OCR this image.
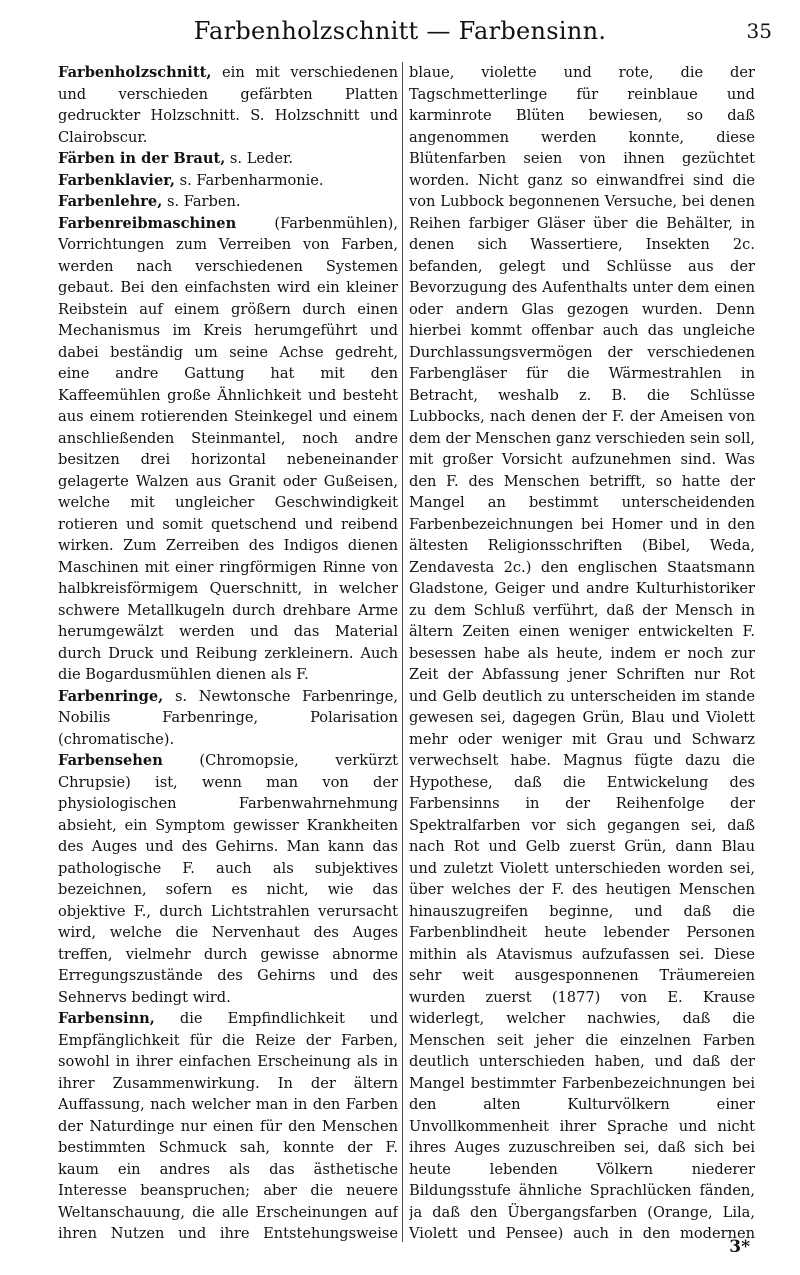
Farbenholzschnitt — Farbensinn.	35

Farbenholzschnitt, ein mit verschiedenen und verschieden gefärbten Platten gedruckter Holzschnitt. S. Holzschnitt und Clairobscur.

Färben in der Braut, s. Leder.

Farbenklavier, s. Farbenharmonie.

Farbenlehre, s. Farben.

Farbenreibmaschinen (Farbenmühlen), Vorrichtungen zum Verreiben von Farben, werden nach verschiedenen Systemen gebaut. Bei den einfachsten wird ein kleiner Reibstein auf einem größern durch einen Mechanismus im Kreis herumgeführt und dabei beständig um seine Achse gedreht, eine andre Gattung hat mit den Kaffeemühlen große Ähnlichkeit und besteht aus einem rotierenden Steinkegel und einem anschließenden Steinmantel, noch andre besitzen drei horizontal nebeneinander gelagerte Walzen aus Granit oder Gußeisen, welche mit ungleicher Geschwindigkeit rotieren und somit quetschend und reibend wirken. Zum Zerreiben des Indigos dienen Maschinen mit einer ringförmigen Rinne von halbkreisförmigem Querschnitt, in welcher schwere Metallkugeln durch drehbare Arme herumgewälzt werden und das Material durch Druck und Reibung zerkleinern. Auch die Bogardusmühlen dienen als F.

Farbenringe, s. Newtonsche Farbenringe, Nobilis Farbenringe, Polarisation (chromatische).

Farbensehen (Chromopsie, verkürzt Chrupsie) ist, wenn man von der physiologischen Farbenwahrnehmung absieht, ein Symptom gewisser Krankheiten des Auges und des Gehirns. Man kann das pathologische F. auch als subjektives bezeichnen, sofern es nicht, wie das objektive F., durch Lichtstrahlen verursacht wird, welche die Nervenhaut des Auges treffen, vielmehr durch gewisse abnorme Erregungszustände des Gehirns und des Sehnervs bedingt wird.

Farbensinn, die Empfindlichkeit und Empfänglichkeit für die Reize der Farben, sowohl in ihrer einfachen Erscheinung als in ihrer Zusammenwirkung. In der ältern Auffassung, nach welcher man in den Farben der Naturdinge nur einen für den Menschen bestimmten Schmuck sah, konnte der F. kaum ein andres als das ästhetische Interesse beanspruchen; aber die neuere Weltanschauung, die alle Erscheinungen auf ihren Nutzen und ihre Entstehungsweise

blaue, violette und rote, die der Tagschmetterlinge für reinblaue und karminrote Blüten bewiesen, so daß angenommen werden konnte, diese Blütenfarben seien von ihnen gezüchtet worden. Nicht ganz so einwandfrei sind die von Lubbock begonnenen Versuche, bei denen Reihen farbiger Gläser über die Behälter, in denen sich Wassertiere, Insekten 2c. befanden, gelegt und Schlüsse aus der Bevorzugung des Aufenthalts unter dem einen oder andern Glas gezogen wurden. Denn hierbei kommt offenbar auch das ungleiche Durchlassungsvermögen der verschiedenen Farbengläser für die Wärmestrahlen in Betracht, weshalb z. B. die Schlüsse Lubbocks, nach denen der F. der Ameisen von dem der Menschen ganz verschieden sein soll, mit großer Vorsicht aufzunehmen sind. Was den F. des Menschen betrifft, so hatte der Mangel an bestimmt unterscheidenden Farbenbezeichnungen bei Homer und in den ältesten Religionsschriften (Bibel, Weda, Zendavesta 2c.) den englischen Staatsmann Gladstone, Geiger und andre Kulturhistoriker zu dem Schluß verführt, daß der Mensch in ältern Zeiten einen weniger entwickelten F. besessen habe als heute, indem er noch zur Zeit der Abfassung jener Schriften nur Rot und Gelb deutlich zu unterscheiden im stande gewesen sei, dagegen Grün, Blau und Violett mehr oder weniger mit Grau und Schwarz verwechselt habe. Magnus fügte dazu die Hypothese, daß die Entwickelung des Farbensinns in der Reihenfolge der Spektralfarben vor sich gegangen sei, daß nach Rot und Gelb zuerst Grün, dann Blau und zuletzt Violett unterschieden worden sei, über welches der F. des heutigen Menschen hinauszugreifen beginne, und daß die Farbenblindheit heute lebender Personen mithin als Atavismus aufzufassen sei. Diese sehr weit ausgesponnenen Träumereien wurden zuerst (1877) von E. Krause widerlegt, welcher nachwies, daß die Menschen seit jeher die einzelnen Farben deutlich unterschieden haben, und daß der Mangel bestimmter Farbenbezeichnungen bei den alten Kulturvölkern einer Unvollkommenheit ihrer Sprache und nicht ihres Auges zuzuschreiben sei, daß sich bei heute lebenden Völkern niederer Bildungsstufe ähnliche Sprachlücken fänden, ja daß den Übergangsfarben (Orange, Lila, Violett und Pensee) auch in den modernen

3*
